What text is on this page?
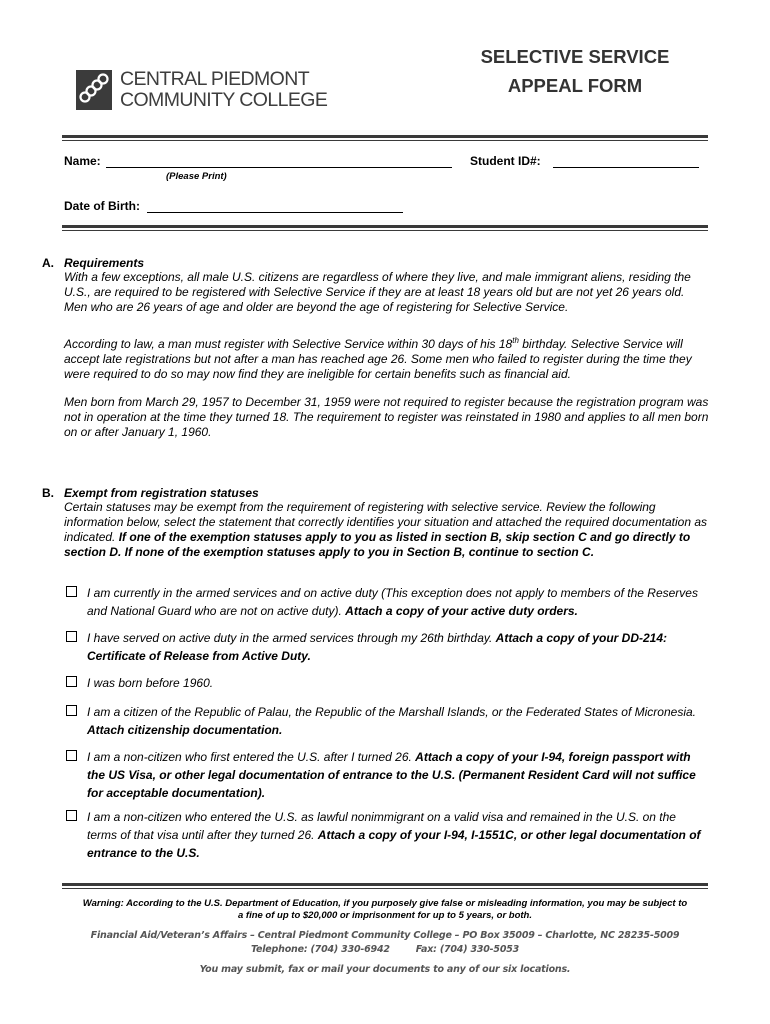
CENTRAL PIEDMONT
COMMUNITY COLLEGE
SELECTIVE SERVICE
APPEAL FORM
Name:
(Please Print)
Student ID#:
Date of Birth:
A. Requirements
With a few exceptions, all male U.S. citizens are regardless of where they live, and male immigrant aliens, residing the U.S., are required to be registered with Selective Service if they are at least 18 years old but are not yet 26 years old. Men who are 26 years of age and older are beyond the age of registering for Selective Service.
According to law, a man must register with Selective Service within 30 days of his 18th birthday. Selective Service will accept late registrations but not after a man has reached age 26. Some men who failed to register during the time they were required to do so may now find they are ineligible for certain benefits such as financial aid.
Men born from March 29, 1957 to December 31, 1959 were not required to register because the registration program was not in operation at the time they turned 18. The requirement to register was reinstated in 1980 and applies to all men born on or after January 1, 1960.
B. Exempt from registration statuses
Certain statuses may be exempt from the requirement of registering with selective service. Review the following information below, select the statement that correctly identifies your situation and attached the required documentation as indicated. If one of the exemption statuses apply to you as listed in section B, skip section C and go directly to section D. If none of the exemption statuses apply to you in Section B, continue to section C.
I am currently in the armed services and on active duty (This exception does not apply to members of the Reserves and National Guard who are not on active duty). Attach a copy of your active duty orders.
I have served on active duty in the armed services through my 26th birthday. Attach a copy of your DD-214: Certificate of Release from Active Duty.
I was born before 1960.
I am a citizen of the Republic of Palau, the Republic of the Marshall Islands, or the Federated States of Micronesia. Attach citizenship documentation.
I am a non-citizen who first entered the U.S. after I turned 26. Attach a copy of your I-94, foreign passport with the US Visa, or other legal documentation of entrance to the U.S. (Permanent Resident Card will not suffice for acceptable documentation).
I am a non-citizen who entered the U.S. as lawful nonimmigrant on a valid visa and remained in the U.S. on the terms of that visa until after they turned 26. Attach a copy of your I-94, I-1551C, or other legal documentation of entrance to the U.S.
Warning: According to the U.S. Department of Education, if you purposely give false or misleading information, you may be subject to
a fine of up to $20,000 or imprisonment for up to 5 years, or both.
Financial Aid/Veteran’s Affairs – Central Piedmont Community College – PO Box 35009 – Charlotte, NC 28235-5009
Telephone: (704) 330-6942	Fax: (704) 330-5053
You may submit, fax or mail your documents to any of our six locations.
